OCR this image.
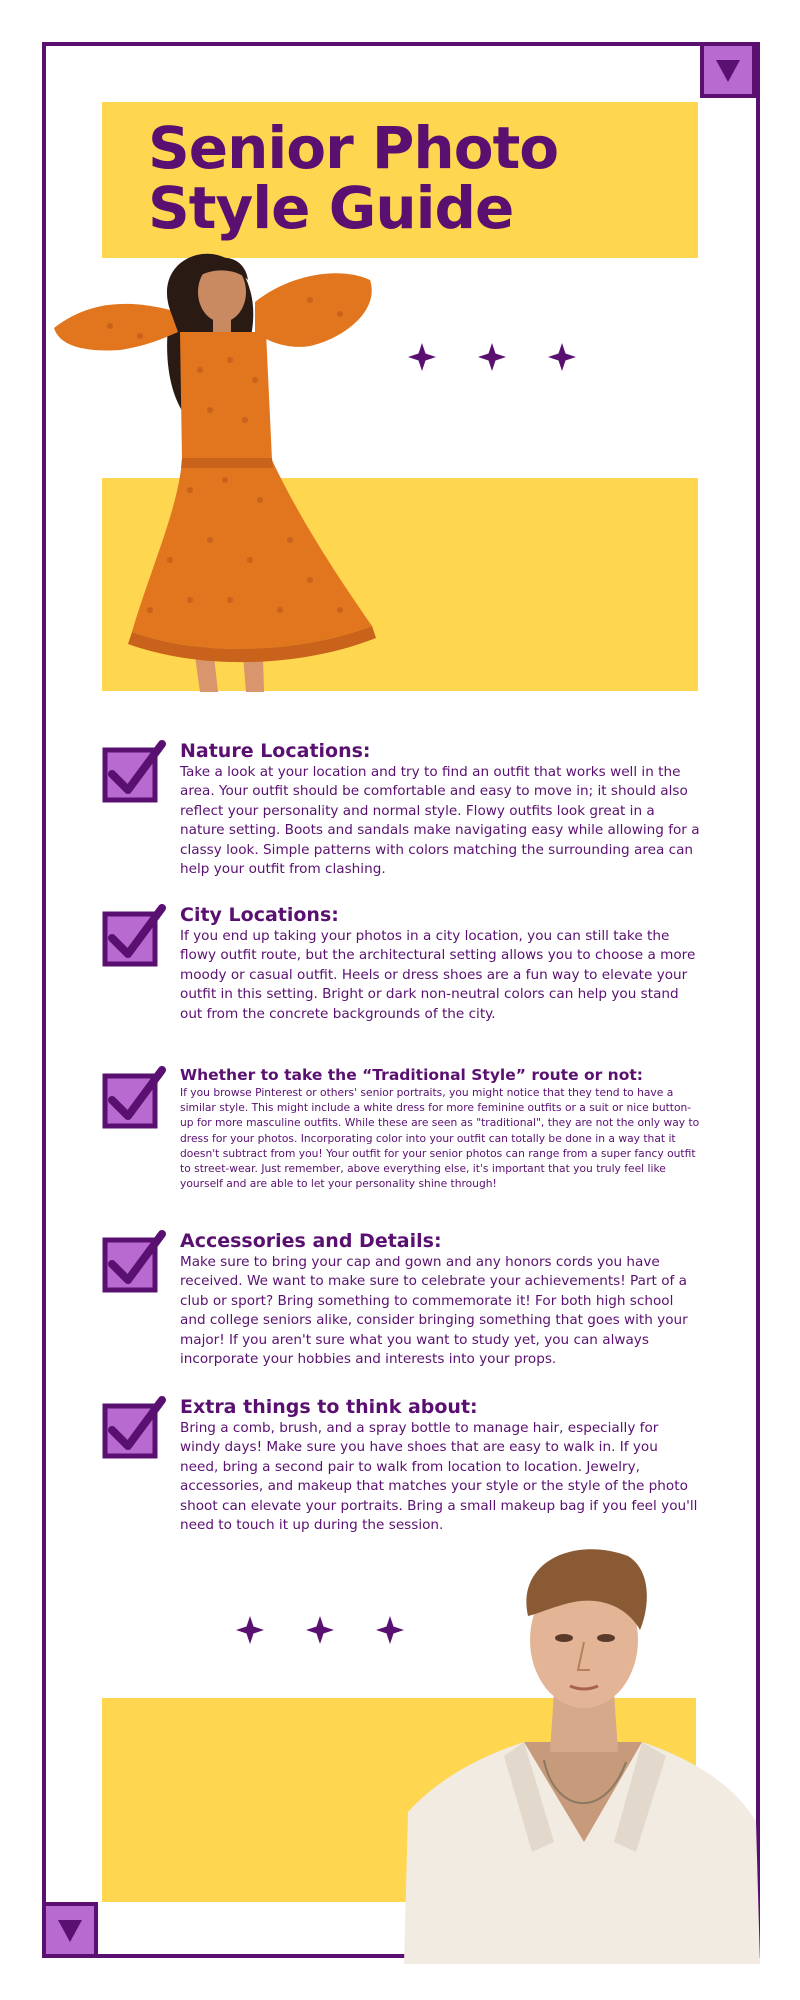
Senior Photo
Style Guide
Nature Locations:

Take a look at your location and try to find an outfit that works well in the area. Your outfit should be comfortable and easy to move in; it should also reflect your personality and normal style. Flowy outfits look great in a nature setting. Boots and sandals make navigating easy while allowing for a classy look. Simple patterns with colors matching the surrounding area can help your outfit from clashing.

City Locations:

If you end up taking your photos in a city location, you can still take the flowy outfit route, but the architectural setting allows you to choose a more moody or casual outfit. Heels or dress shoes are a fun way to elevate your outfit in this setting. Bright or dark non-neutral colors can help you stand out from the concrete backgrounds of the city.

Whether to take the “Traditional Style” route or not:

If you browse Pinterest or others' senior portraits, you might notice that they tend to have a similar style. This might include a white dress for more feminine outfits or a suit or nice button-up for more masculine outfits. While these are seen as "traditional", they are not the only way to dress for your photos. Incorporating color into your outfit can totally be done in a way that it doesn't subtract from you! Your outfit for your senior photos can range from a super fancy outfit to street-wear. Just remember, above everything else, it's important that you truly feel like yourself and are able to let your personality shine through!

Accessories and Details:

Make sure to bring your cap and gown and any honors cords you have received. We want to make sure to celebrate your achievements! Part of a club or sport? Bring something to commemorate it! For both high school and college seniors alike, consider bringing something that goes with your major! If you aren't sure what you want to study yet, you can always incorporate your hobbies and interests into your props.

Extra things to think about:

Bring a comb, brush, and a spray bottle to manage hair, especially for windy days! Make sure you have shoes that are easy to walk in. If you need, bring a second pair to walk from location to location. Jewelry, accessories, and makeup that matches your style or the style of the photo shoot can elevate your portraits. Bring a small makeup bag if you feel you'll need to touch it up during the session.
